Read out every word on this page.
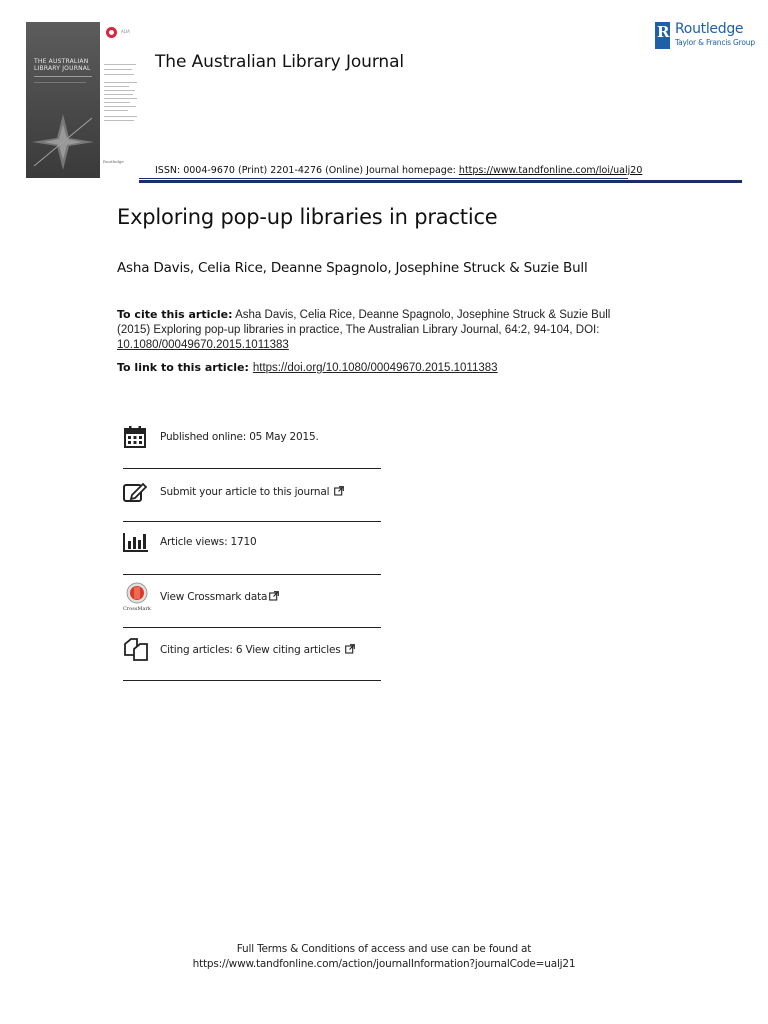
THE AUSTRALIAN LIBRARY JOURNAL
ALIA
Routledge
The Australian Library Journal
ISSN: 0004-9670 (Print) 2201-4276 (Online) Journal homepage: https://www.tandfonline.com/loi/ualj20
R
Routledge
Taylor & Francis Group
Exploring pop-up libraries in practice
Asha Davis, Celia Rice, Deanne Spagnolo, Josephine Struck & Suzie Bull
To cite this article: Asha Davis, Celia Rice, Deanne Spagnolo, Josephine Struck & Suzie Bull (2015) Exploring pop-up libraries in practice, The Australian Library Journal, 64:2, 94-104, DOI: 10.1080/00049670.2015.1011383
To link to this article: https://doi.org/10.1080/00049670.2015.1011383
Published online: 05 May 2015.
Submit your article to this journal
Article views: 1710
CrossMark
View Crossmark data
Citing articles: 6 View citing articles
Full Terms & Conditions of access and use can be found at
https://www.tandfonline.com/action/journalInformation?journalCode=ualj21
